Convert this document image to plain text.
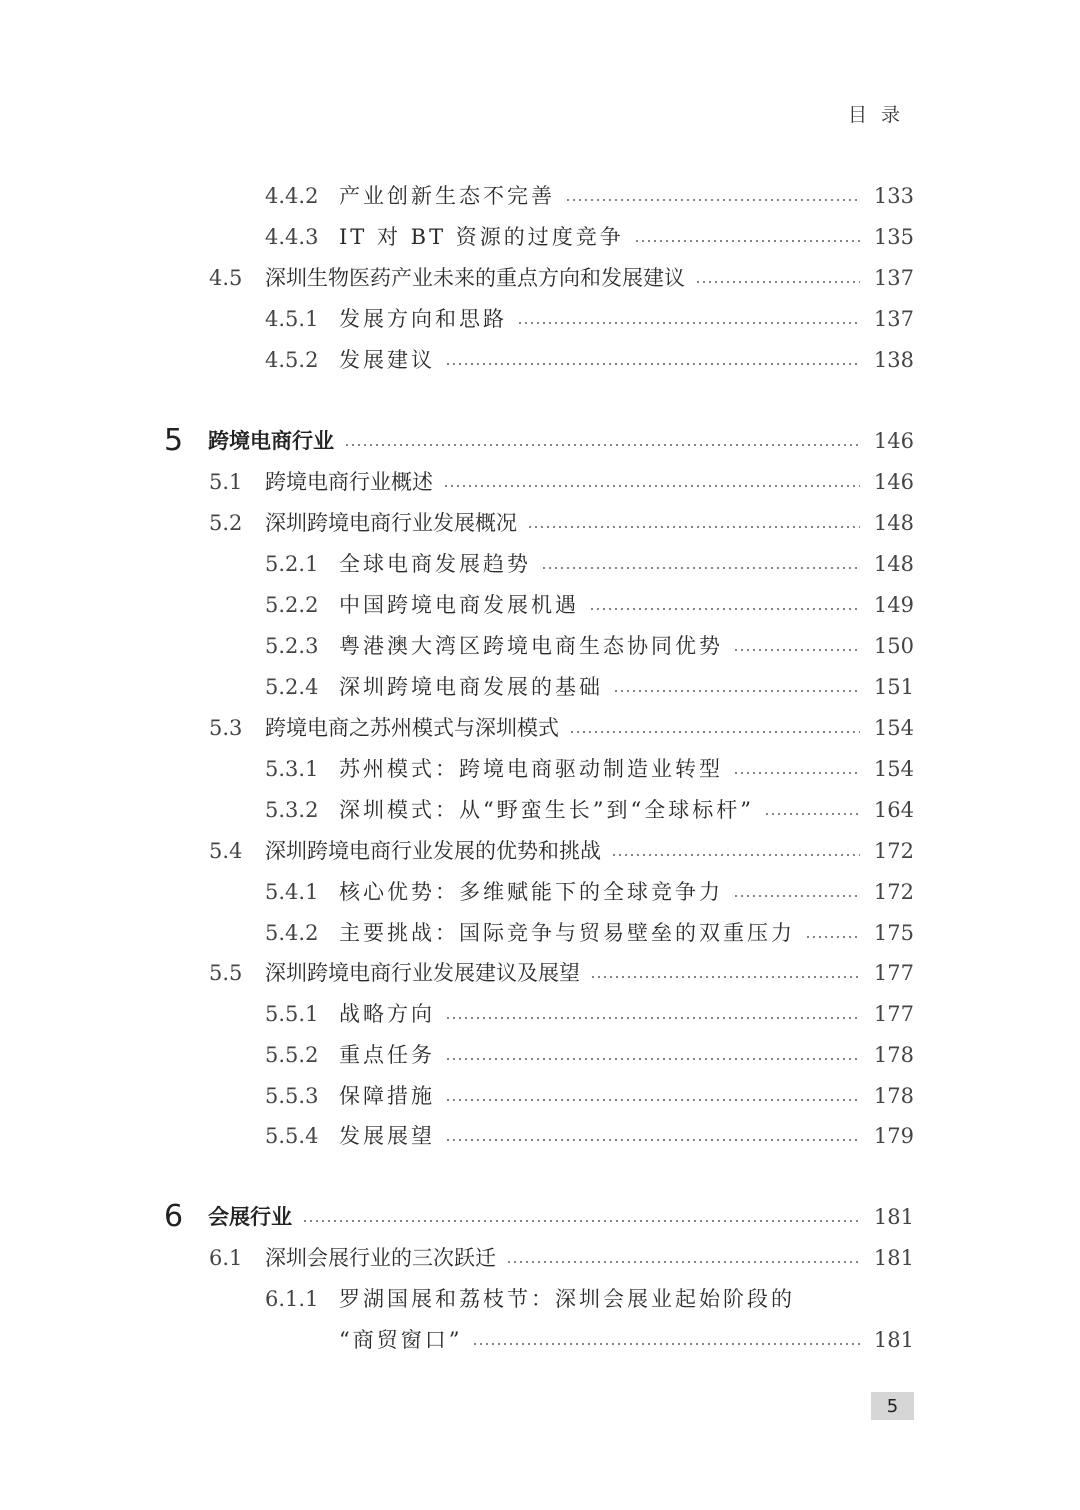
目录
4.4.2 产业创新生态不完善	133
4.4.3 IT 对 BT 资源的过度竞争	135
4.5 深圳生物医药产业未来的重点方向和发展建议	137
4.5.1 发展方向和思路	137
4.5.2 发展建议	138
5 跨境电商行业	146
5.1 跨境电商行业概述	146
5.2 深圳跨境电商行业发展概况	148
5.2.1 全球电商发展趋势	148
5.2.2 中国跨境电商发展机遇	149
5.2.3 粤港澳大湾区跨境电商生态协同优势	150
5.2.4 深圳跨境电商发展的基础	151
5.3 跨境电商之苏州模式与深圳模式	154
5.3.1 苏州模式：跨境电商驱动制造业转型	154
5.3.2 深圳模式：从“野蛮生长”到“全球标杆”	164
5.4 深圳跨境电商行业发展的优势和挑战	172
5.4.1 核心优势：多维赋能下的全球竞争力	172
5.4.2 主要挑战：国际竞争与贸易壁垒的双重压力	175
5.5 深圳跨境电商行业发展建议及展望	177
5.5.1 战略方向	177
5.5.2 重点任务	178
5.5.3 保障措施	178
5.5.4 发展展望	179
6 会展行业	181
6.1 深圳会展行业的三次跃迁	181
6.1.1 罗湖国展和荔枝节：深圳会展业起始阶段的
“商贸窗口”	181
5
